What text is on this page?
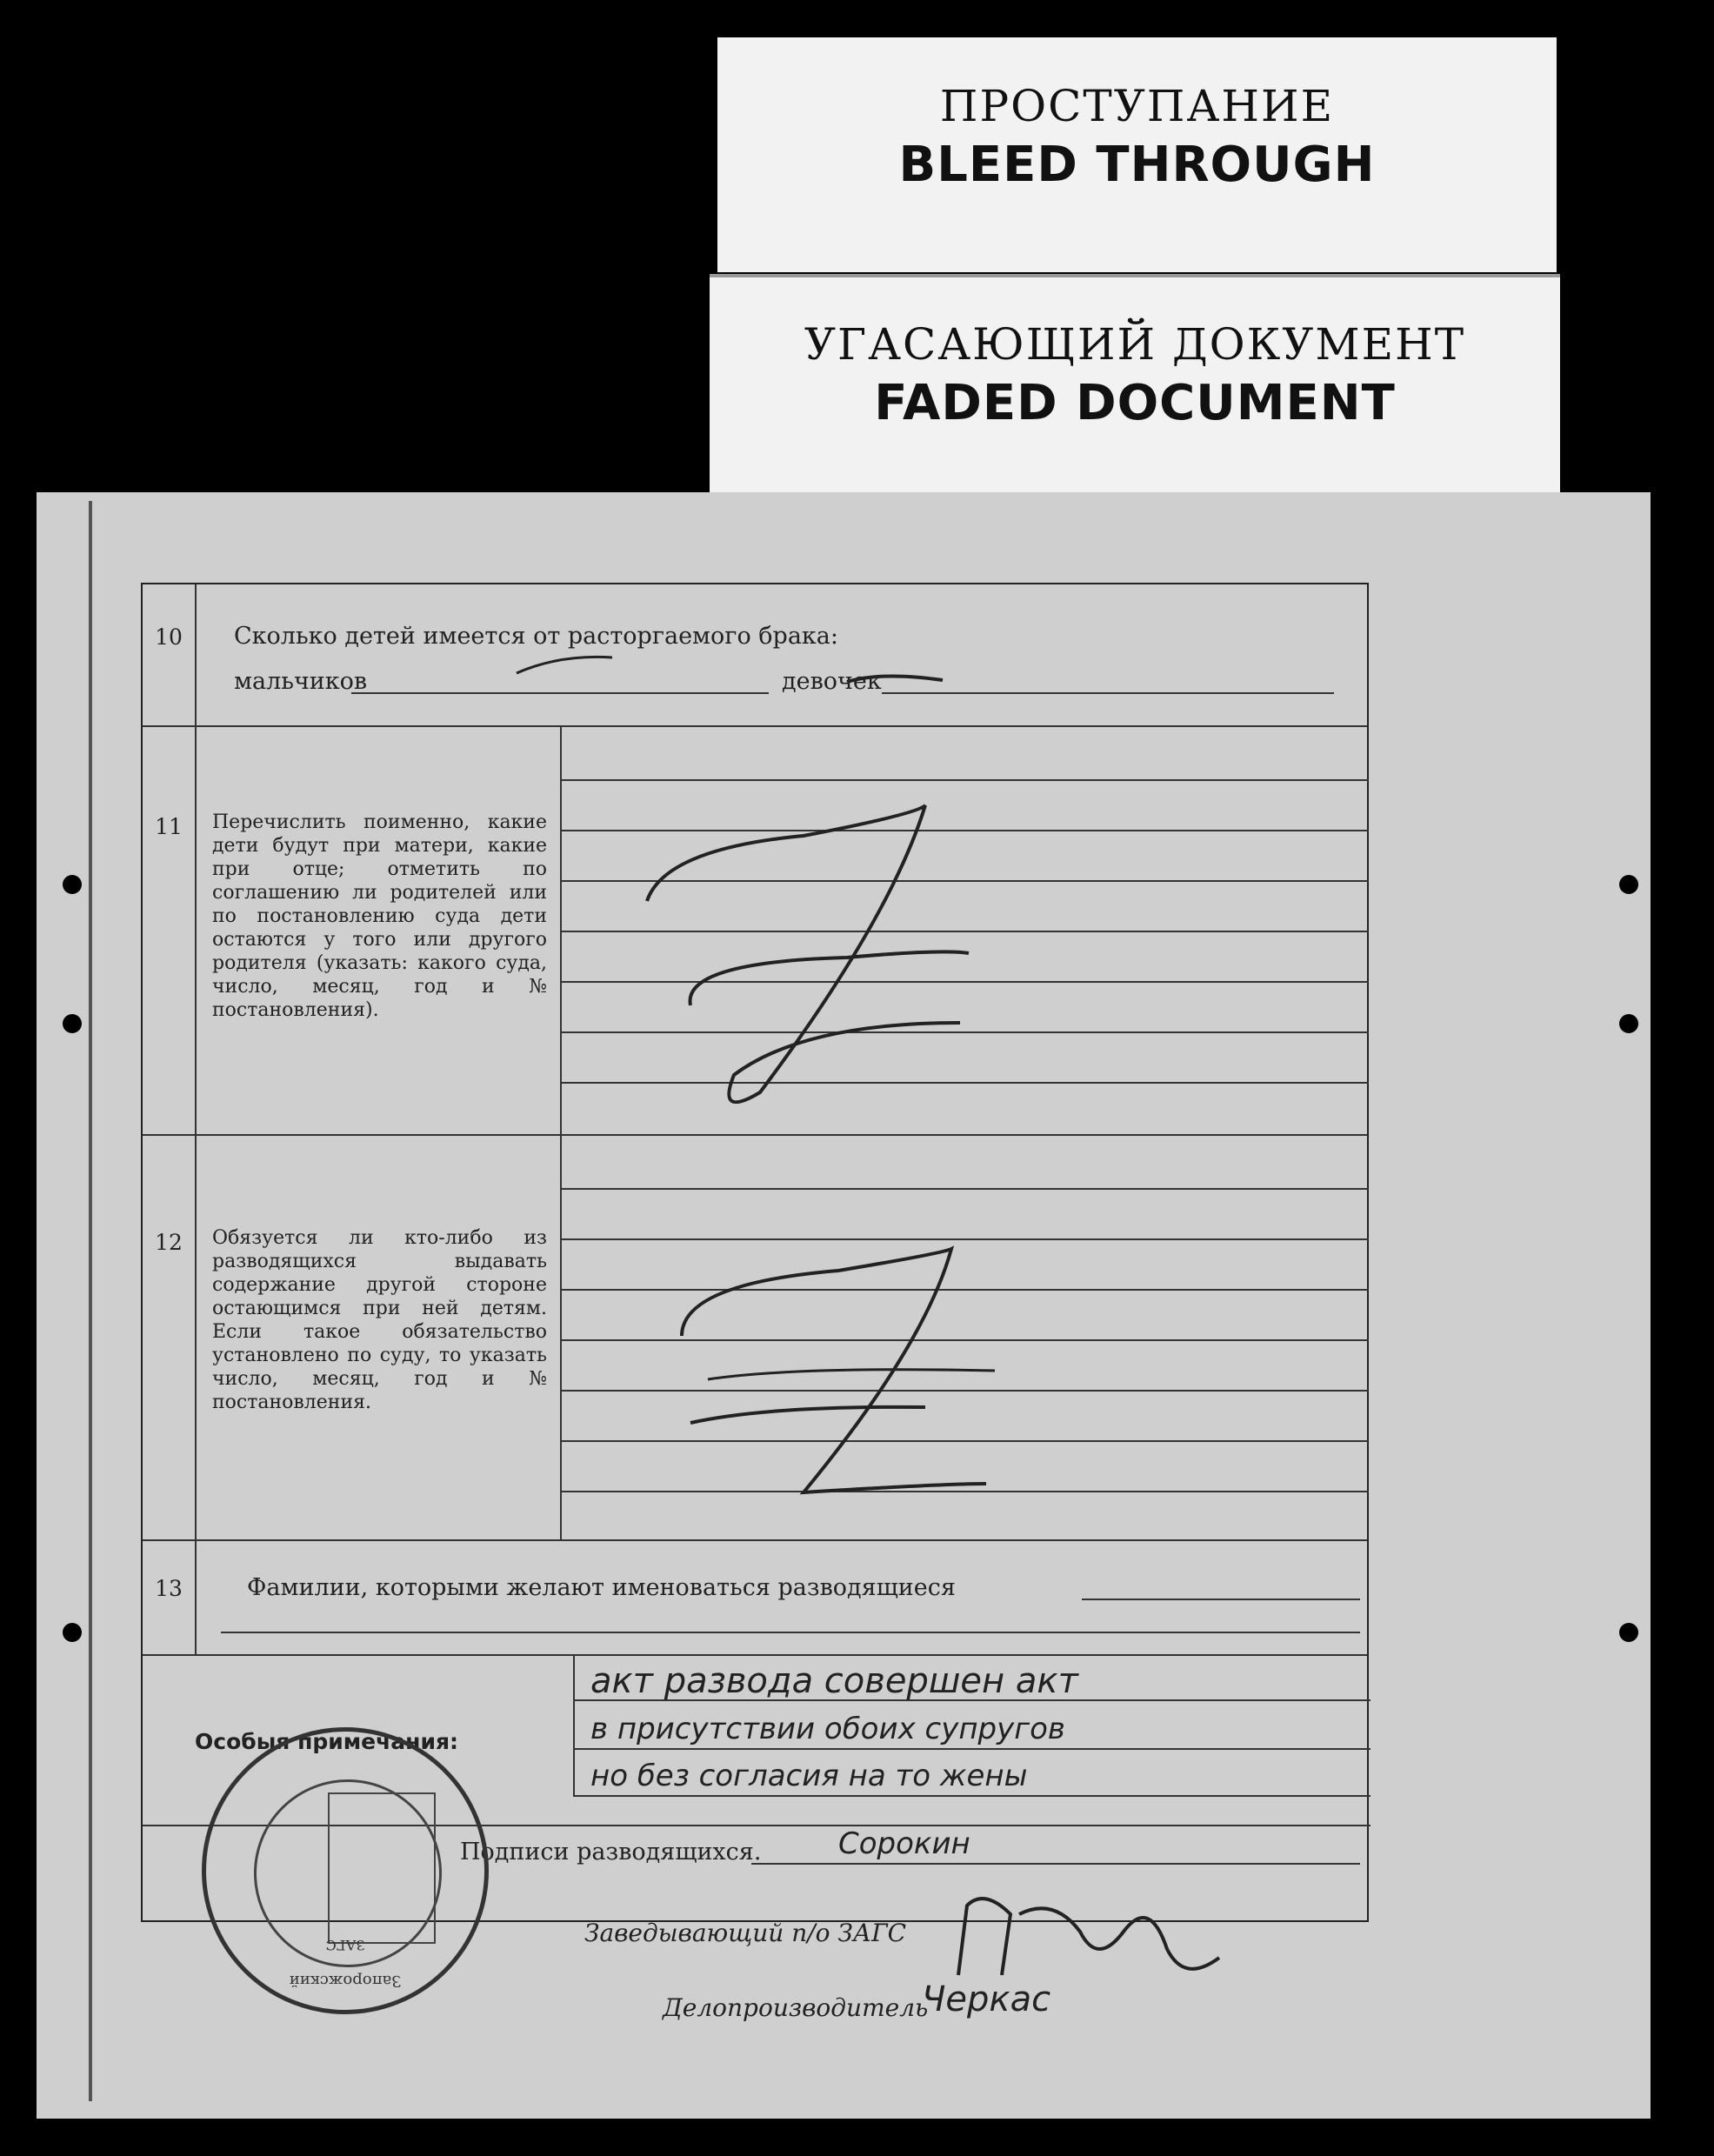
ПРОСТУПАНИЕ
BLEED THROUGH
УГАСАЮЩИЙ ДОКУМЕНТ
FADED DOCUMENT
10	Сколько детей имеется от расторгаемого брака:
мальчиков	девочек
11	Перечислить поименно, какие дети будут при матери, какие при отце; отметить по соглашению ли родителей или по постановлению суда дети остаются у того или другого родителя (указать: какого суда, число, месяц, год и № постановления).
12	Обязуется ли кто-либо из разводящихся выдавать содержание другой стороне остающимся при ней детям. Если такое обязательство установлено по суду, то указать число, месяц, год и № постановления.
13	Фамилии, которыми желают именоваться разводящиеся
Особыя примечания:
акт развода совершен акт
в присутствии обоих супругов
но без согласия на то жены
Подписи разводящихся.	Сорокин
Заведывающий п/о ЗАГС
Делопроизводитель
Черкас
Запорожский
ЗАГС
